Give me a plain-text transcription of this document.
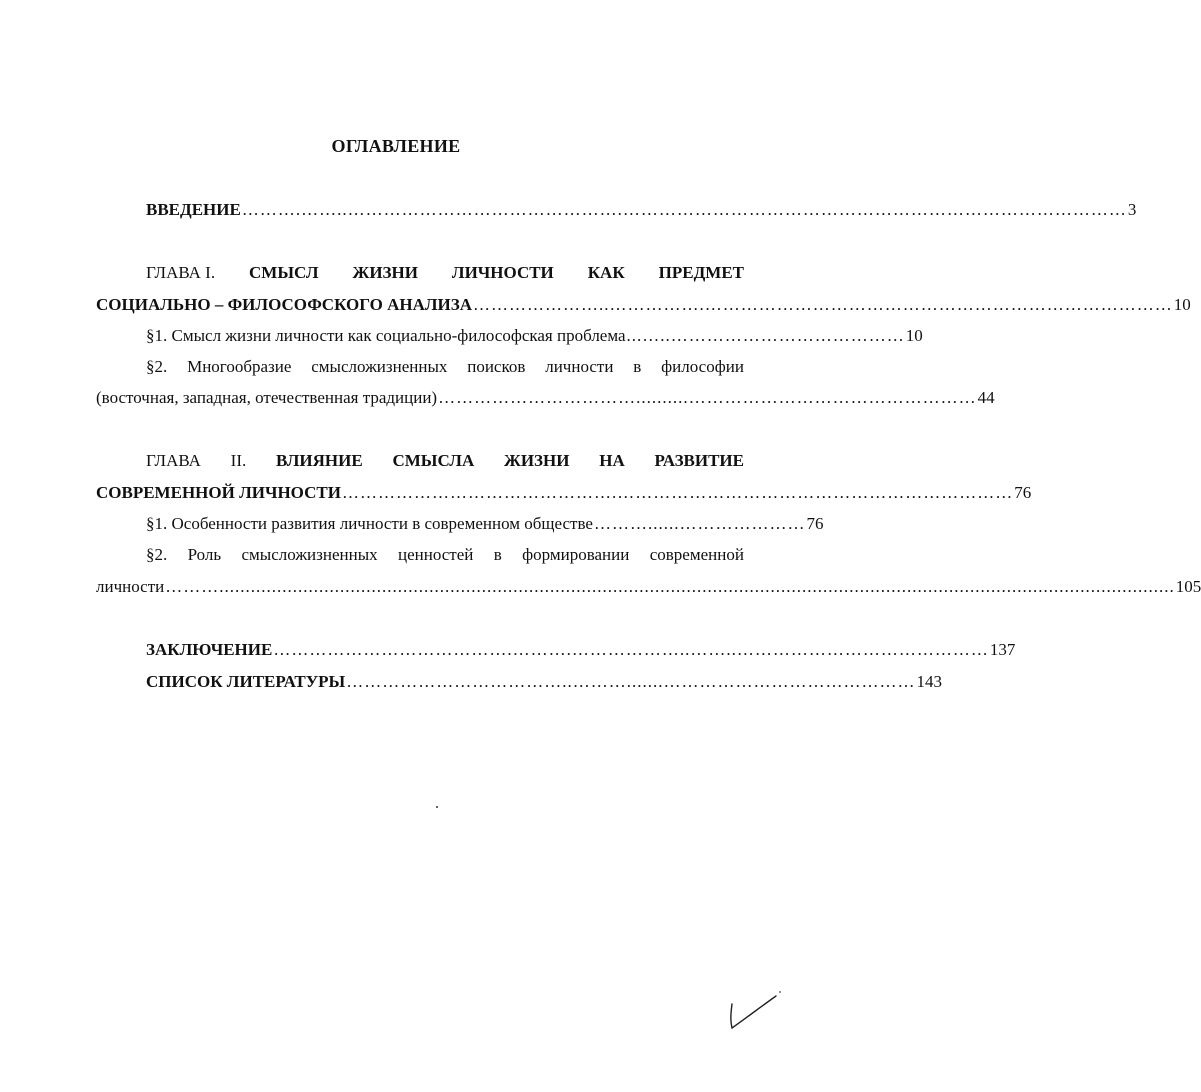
ОГЛАВЛЕНИЕ
ВВЕДЕНИЕ ……….……..……………………………………….………………………………………………………………………… 3
ГЛАВА I. СМЫСЛ ЖИЗНИ ЛИЧНОСТИ КАК ПРЕДМЕТ
СОЦИАЛЬНО – ФИЛОСОФСКОГО АНАЛИЗА …………………..…………….…………………………………………………………………… 10
§1. Смысл жизни личности как социально-философская проблема ...…..………………………………… 10
§2. Многообразие смысложизненных поисков личности в философии
(восточная, западная, отечественная традиции) ……………………………..........………………………………………… 44
ГЛАВА II. ВЛИЯНИЕ СМЫСЛА ЖИЗНИ НА РАЗВИТИЕ
СОВРЕМЕННОЙ ЛИЧНОСТИ ……………………………………….………………………………………………………… 76
§1. Особенности развития личности в современном обществе ………......………………… 76
§2. Роль смысложизненных ценностей в формировании современной
личности ………...................................................................................................................................................................................... 105
ЗАКЛЮЧЕНИЕ ………………………………….……….………………..……..…………………………………… 137
СПИСОК ЛИТЕРАТУРЫ ………………………………..……….......…………………………………… 143
